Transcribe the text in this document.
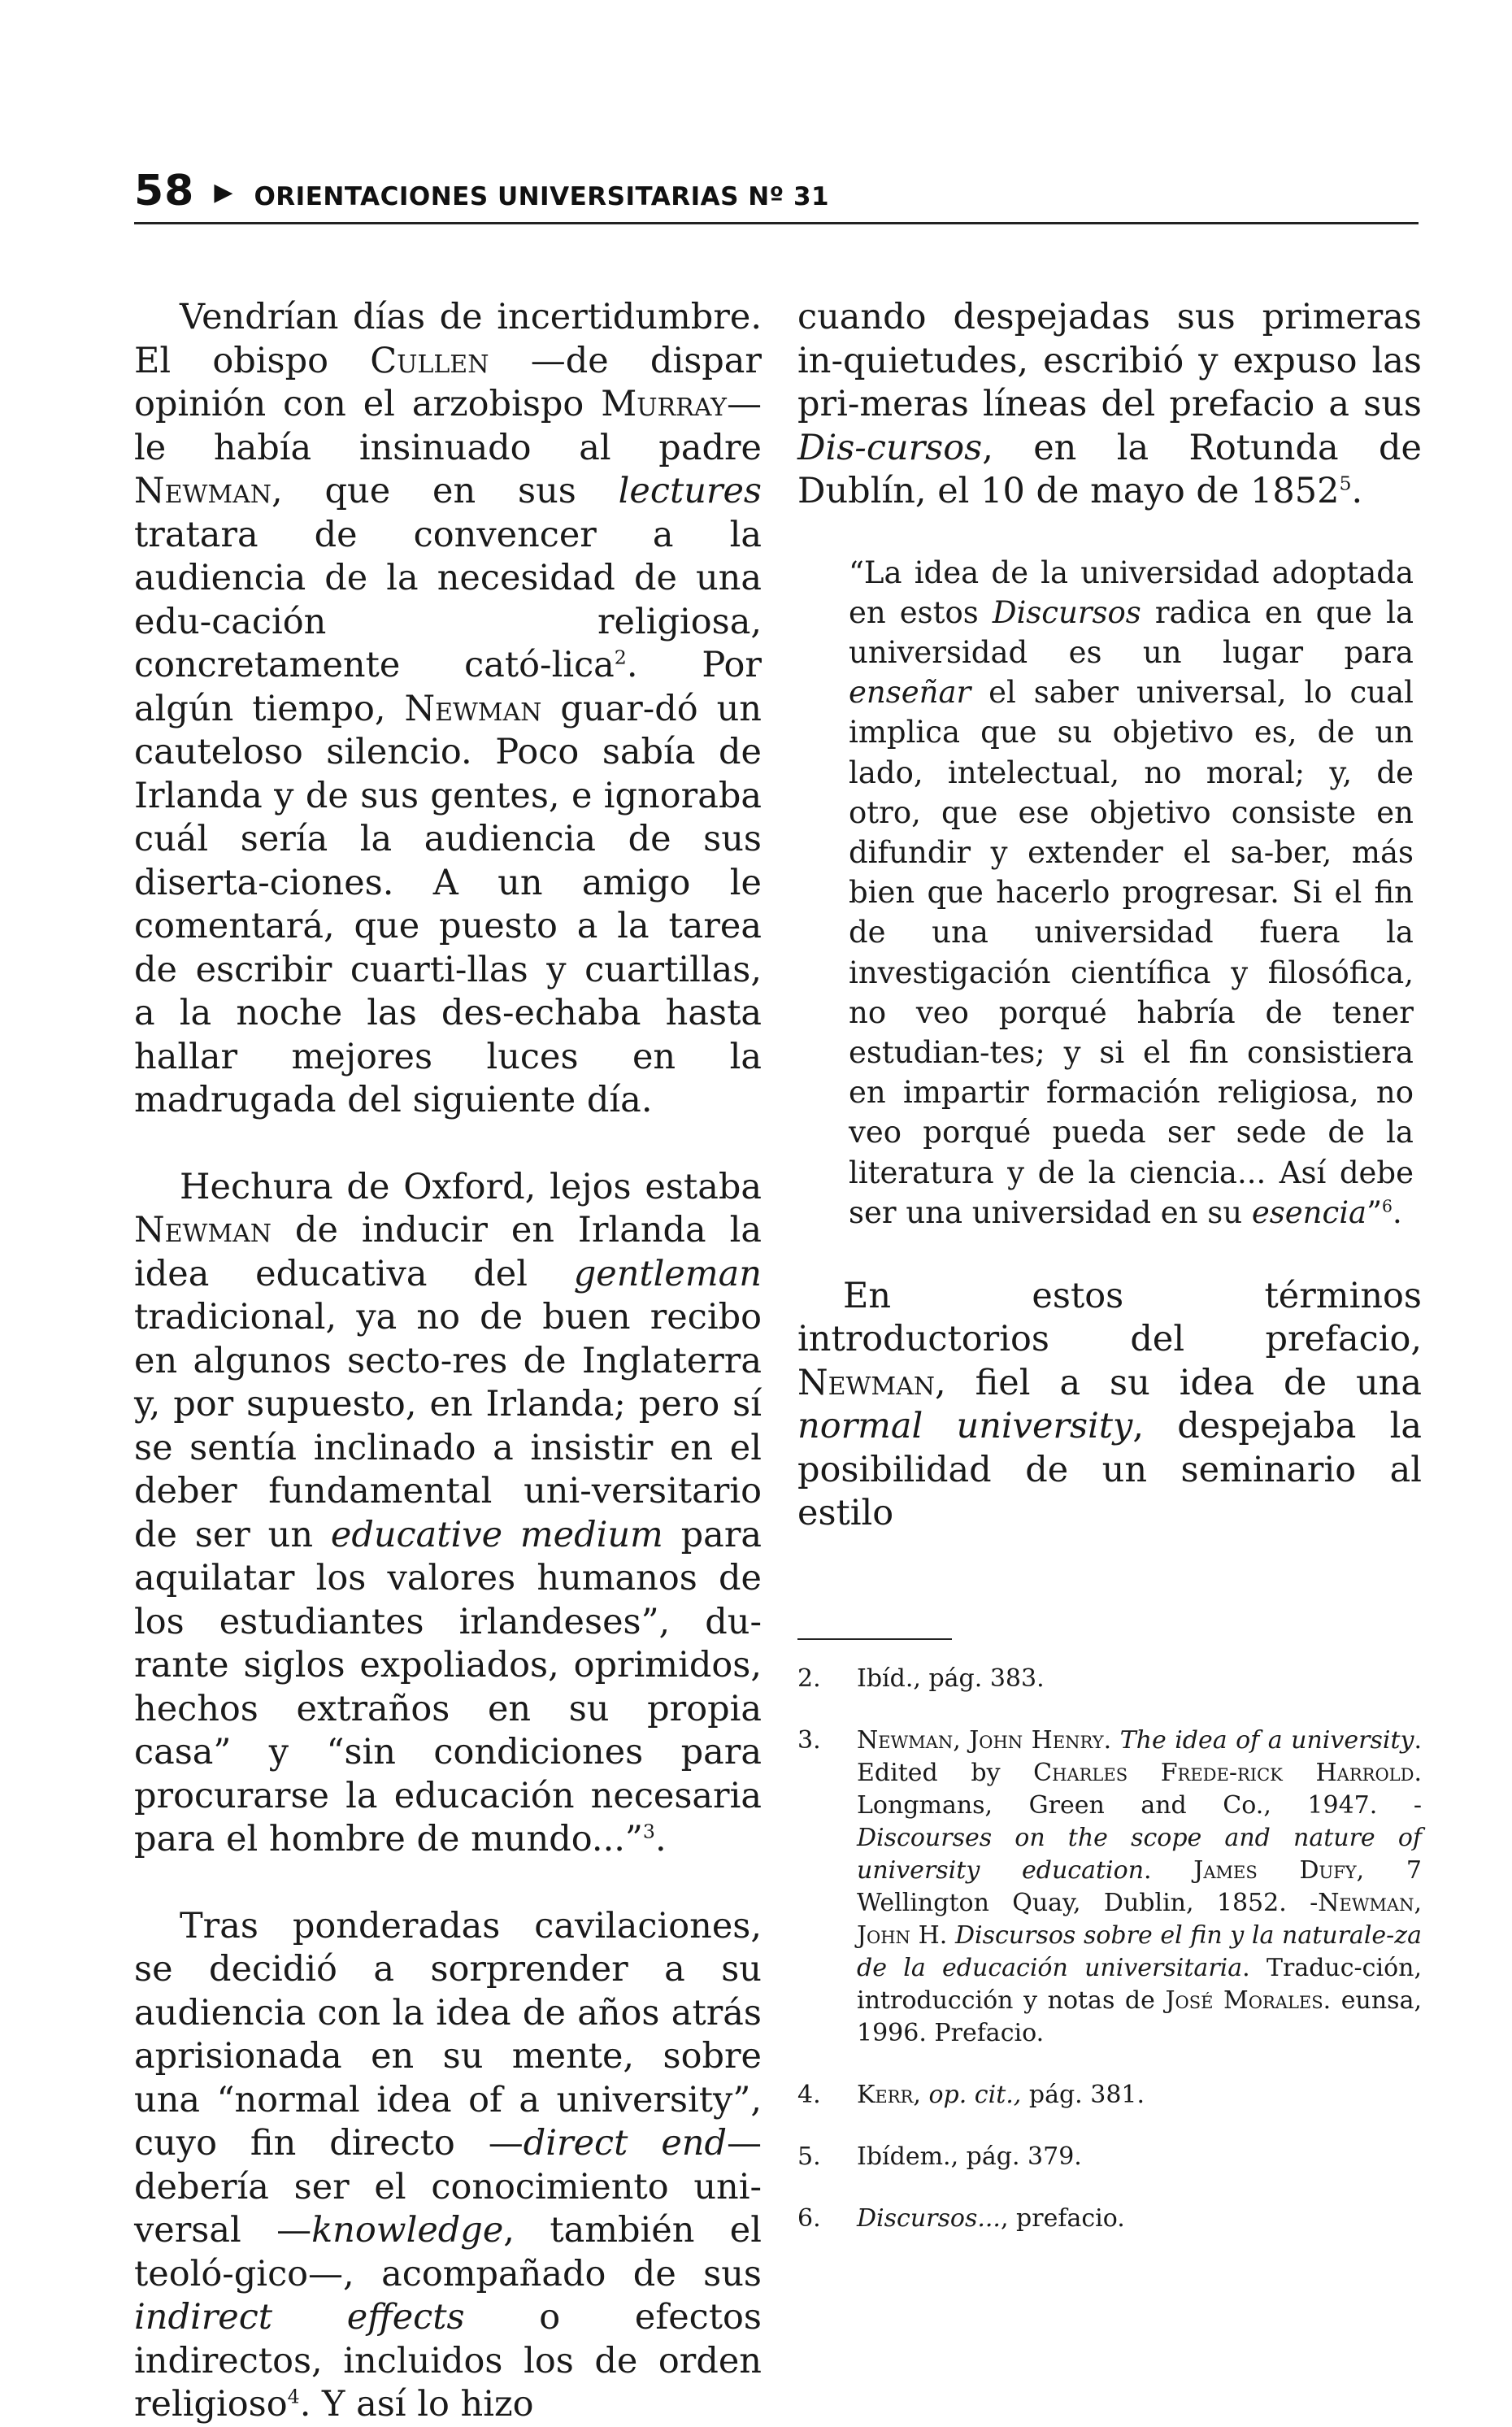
58 ▶ ORIENTACIONES UNIVERSITARIAS Nº 31

Vendrían días de incertidumbre. El obispo Cullen —de dispar opinión con el arzobispo Murray— le había insinuado al padre Newman, que en sus lectures tratara de convencer a la audiencia de la necesidad de una edu-cación religiosa, concretamente cató-lica$^2$. Por algún tiempo, Newman guar-dó un cauteloso silencio. Poco sabía de Irlanda y de sus gentes, e ignoraba cuál sería la audiencia de sus diserta-ciones. A un amigo le comentará, que puesto a la tarea de escribir cuarti-llas y cuartillas, a la noche las des-echaba hasta hallar mejores luces en la madrugada del siguiente día.

Hechura de Oxford, lejos estaba Newman de inducir en Irlanda la idea educativa del gentleman tradicional, ya no de buen recibo en algunos secto-res de Inglaterra y, por supuesto, en Irlanda; pero sí se sentía inclinado a insistir en el deber fundamental uni-versitario de ser un educative medium para aquilatar los valores humanos de los estudiantes irlandeses”, du-rante siglos expoliados, oprimidos, hechos extraños en su propia casa” y “sin condiciones para procurarse la educación necesaria para el hombre de mundo...”$^3$.

Tras ponderadas cavilaciones, se decidió a sorprender a su audiencia con la idea de años atrás aprisionada en su mente, sobre una “normal idea of a university”, cuyo fin directo —direct end— debería ser el conocimiento uni-versal —knowledge, también el teoló-gico—, acompañado de sus indirect effects o efectos indirectos, incluidos los de orden religioso$^4$. Y así lo hizo

cuando despejadas sus primeras in-quietudes, escribió y expuso las pri-meras líneas del prefacio a sus Dis-cursos, en la Rotunda de Dublín, el 10 de mayo de 1852$^5$.

“La idea de la universidad adoptada en estos Discursos radica en que la universidad es un lugar para enseñar el saber universal, lo cual implica que su objetivo es, de un lado, intelectual, no moral; y, de otro, que ese objetivo consiste en difundir y extender el sa-ber, más bien que hacerlo progresar. Si el fin de una universidad fuera la investigación científica y filosófica, no veo porqué habría de tener estudian-tes; y si el fin consistiera en impartir formación religiosa, no veo porqué pueda ser sede de la literatura y de la ciencia... Así debe ser una universidad en su esencia”$^6$.

En estos términos introductorios del prefacio, Newman, fiel a su idea de una normal university, despejaba la posibilidad de un seminario al estilo

2.	Ibíd., pág. 383.
3.	Newman, John Henry. The idea of a university. Edited by Charles Frede-rick Harrold. Longmans, Green and Co., 1947. - Discourses on the scope and nature of university education. James Dufy, 7 Wellington Quay, Dublin, 1852. -Newman, John H. Discursos sobre el fin y la naturale-za de la educación universitaria. Traduc-ción, introducción y notas de José Morales. eunsa, 1996. Prefacio.
4.	Kerr, op. cit., pág. 381.
5.	Ibídem., pág. 379.
6.	Discursos..., prefacio.
